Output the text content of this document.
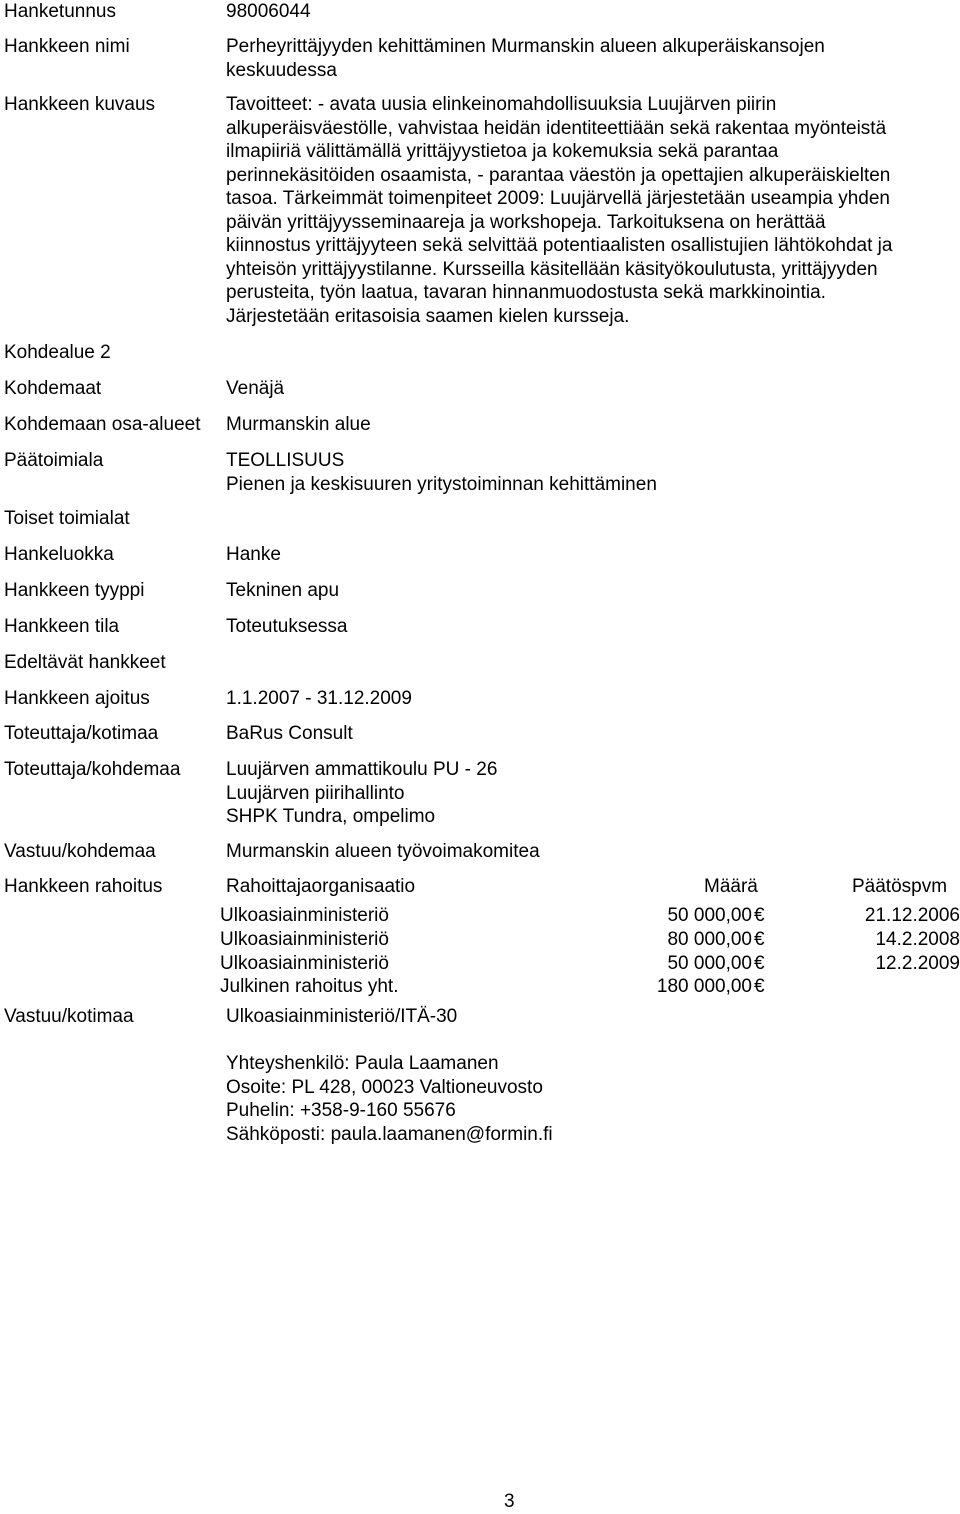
Hanketunnus	98006044
Hankkeen nimi	Perheyrittäjyyden kehittäminen Murmanskin alueen alkuperäiskansojen
keskuudessa
Hankkeen kuvaus	Tavoitteet: - avata uusia elinkeinomahdollisuuksia Luujärven piirin

alkuperäisväestölle, vahvistaa heidän identiteettiään sekä rakentaa myönteistä

ilmapiiriä välittämällä yrittäjyystietoa ja kokemuksia sekä parantaa

perinnekäsitöiden osaamista, - parantaa väestön ja opettajien alkuperäiskielten

tasoa. Tärkeimmät toimenpiteet 2009: Luujärvellä järjestetään useampia yhden

päivän yrittäjyysseminaareja ja workshopeja. Tarkoituksena on herättää

kiinnostus yrittäjyyteen sekä selvittää potentiaalisten osallistujien lähtökohdat ja

yhteisön yrittäjyystilanne. Kursseilla käsitellään käsityökoulutusta, yrittäjyyden

perusteita, työn laatua, tavaran hinnanmuodostusta sekä markkinointia.

Järjestetään eritasoisia saamen kielen kursseja.

Kohdealue 2
Kohdemaat	Venäjä
Kohdemaan osa-alueet Murmanskin alue
Päätoimiala	TEOLLISUUS
Pienen ja keskisuuren yritystoiminnan kehittäminen
Toiset toimialat
Hankeluokka	Hanke
Hankkeen tyyppi	Tekninen apu
Hankkeen tila	Toteutuksessa
Edeltävät hankkeet
Hankkeen ajoitus	1.1.2007 - 31.12.2009
Toteuttaja/kotimaa	BaRus Consult
Toteuttaja/kohdemaa Luujärven ammattikoulu PU - 26
Luujärven piirihallinto
SHPK Tundra, ompelimo
Vastuu/kohdemaa	Murmanskin alueen työvoimakomitea
Hankkeen rahoitus	Rahoittajaorganisaatio	Määrä	Päätöspvm
Ulkoasiainministeriö	50 000,00 €	21.12.2006
Ulkoasiainministeriö	80 000,00 €	14.2.2008
Ulkoasiainministeriö	50 000,00 €	12.2.2009
Julkinen rahoitus yht.	180 000,00 €
Vastuu/kotimaa	Ulkoasiainministeriö/ITÄ-30
Yhteyshenkilö: Paula Laamanen
Osoite: PL 428, 00023 Valtioneuvosto
Puhelin: +358-9-160 55676
Sähköposti: paula.laamanen@formin.fi
3
